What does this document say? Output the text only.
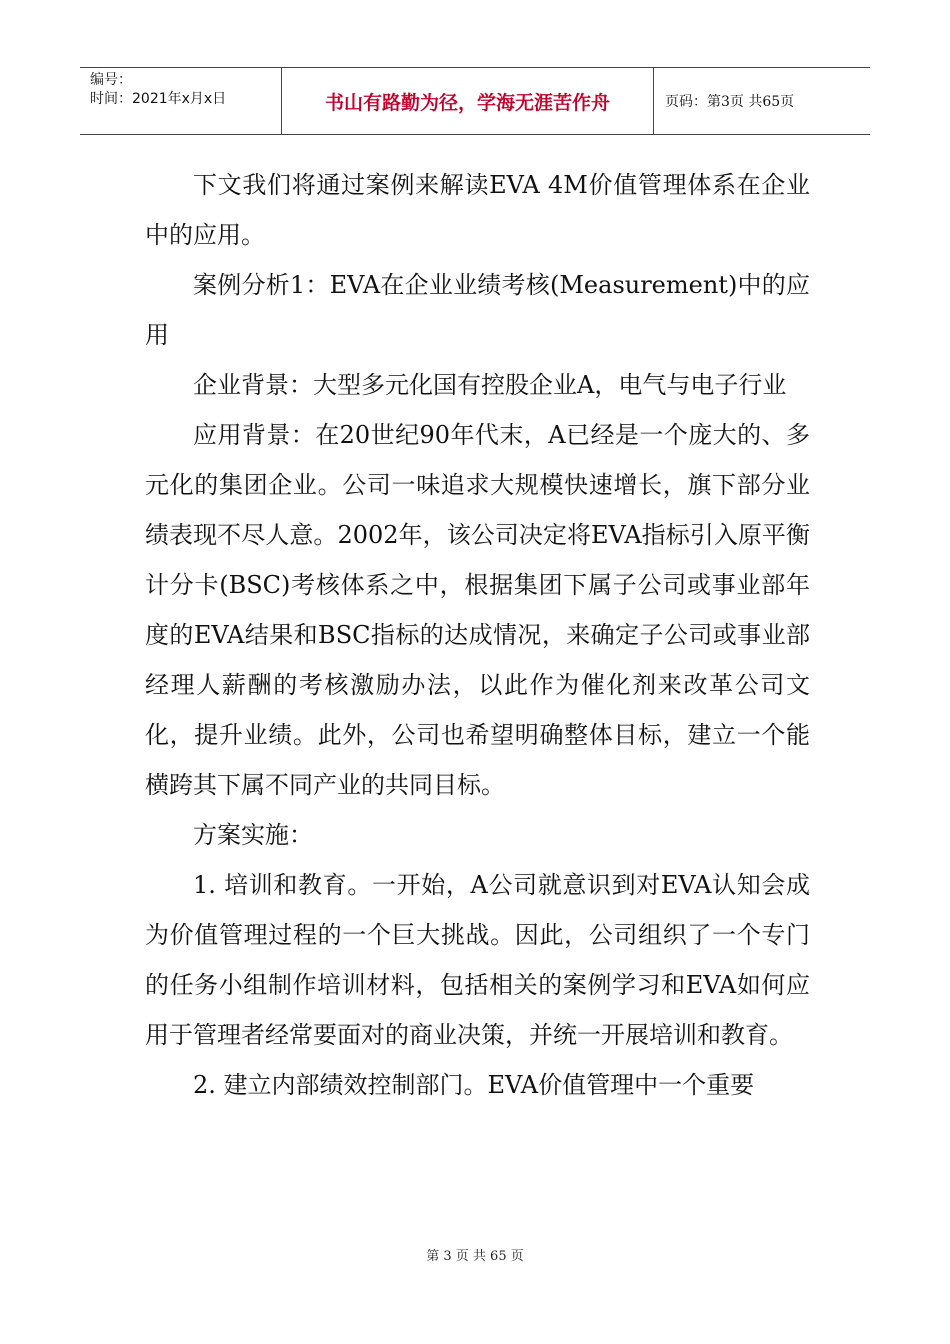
编号：
时间：2021年x月x日	书山有路勤为径，学海无涯苦作舟	页码：第3页 共65页

下文我们将通过案例来解读EVA 4M价值管理体系在企业中的应用。

案例分析1：EVA在企业业绩考核(Measurement)中的应用

企业背景：大型多元化国有控股企业A，电气与电子行业

应用背景：在20世纪90年代末，A已经是一个庞大的、多元化的集团企业。公司一味追求大规模快速增长，旗下部分业绩表现不尽人意。2002年，该公司决定将EVA指标引入原平衡计分卡(BSC)考核体系之中，根据集团下属子公司或事业部年度的EVA结果和BSC指标的达成情况，来确定子公司或事业部经理人薪酬的考核激励办法，以此作为催化剂来改革公司文化，提升业绩。此外，公司也希望明确整体目标，建立一个能横跨其下属不同产业的共同目标。

方案实施：

1. 培训和教育。一开始，A公司就意识到对EVA认知会成为价值管理过程的一个巨大挑战。因此，公司组织了一个专门的任务小组制作培训材料，包括相关的案例学习和EVA如何应用于管理者经常要面对的商业决策，并统一开展培训和教育。

2. 建立内部绩效控制部门。EVA价值管理中一个重要

第 3 页 共 65 页
